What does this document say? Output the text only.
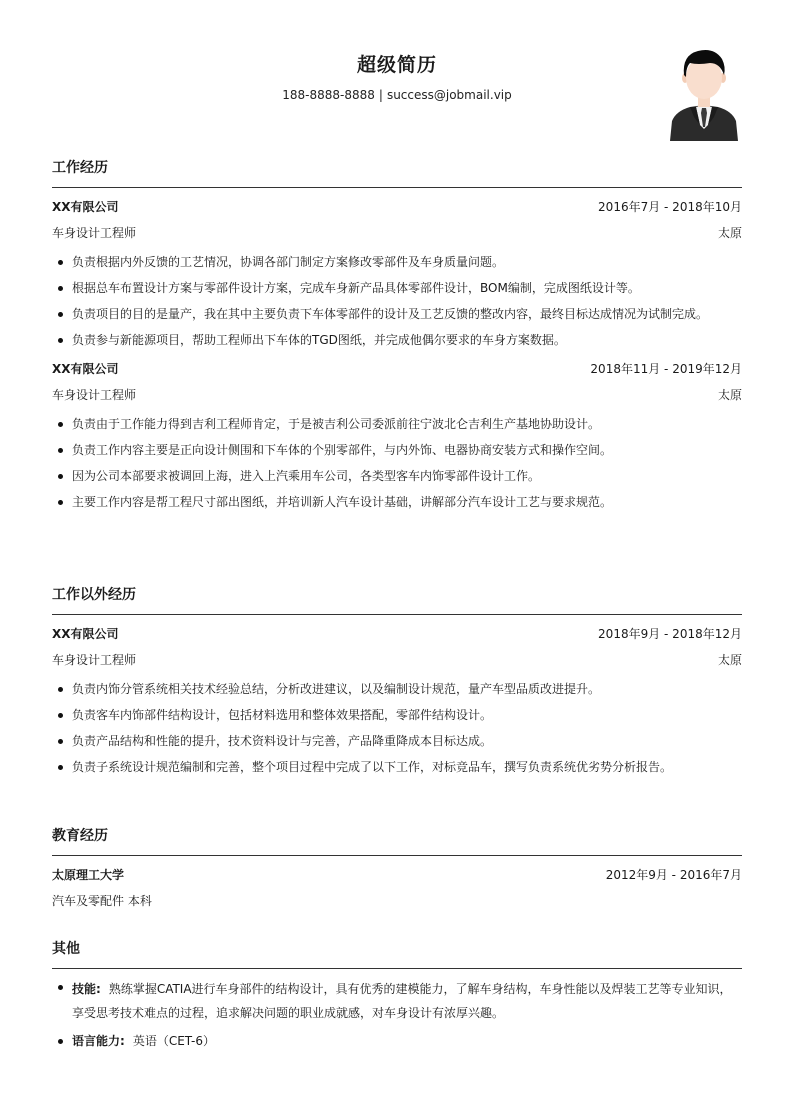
超级简历
188-8888-8888 | success@jobmail.vip
工作经历
XX有限公司	2016年7月 - 2018年10月
车身设计工程师	太原
负责根据内外反馈的工艺情况，协调各部门制定方案修改零部件及车身质量问题。
根据总车布置设计方案与零部件设计方案，完成车身新产品具体零部件设计，BOM编制，完成图纸设计等。
负责项目的目的是量产，我在其中主要负责下车体零部件的设计及工艺反馈的整改内容，最终目标达成情况为试制完成。
负责参与新能源项目，帮助工程师出下车体的TGD图纸，并完成他偶尔要求的车身方案数据。
XX有限公司	2018年11月 - 2019年12月
车身设计工程师	太原
负责由于工作能力得到吉利工程师肯定，于是被吉利公司委派前往宁波北仑吉利生产基地协助设计。
负责工作内容主要是正向设计侧围和下车体的个别零部件，与内外饰、电器协商安装方式和操作空间。
因为公司本部要求被调回上海，进入上汽乘用车公司，各类型客车内饰零部件设计工作。
主要工作内容是帮工程尺寸部出图纸，并培训新人汽车设计基础，讲解部分汽车设计工艺与要求规范。
工作以外经历
XX有限公司	2018年9月 - 2018年12月
车身设计工程师	太原
负责内饰分管系统相关技术经验总结，分析改进建议，以及编制设计规范，量产车型品质改进提升。
负责客车内饰部件结构设计，包括材料选用和整体效果搭配，零部件结构设计。
负责产品结构和性能的提升，技术资料设计与完善，产品降重降成本目标达成。
负责子系统设计规范编制和完善，整个项目过程中完成了以下工作，对标竞品车，撰写负责系统优劣势分析报告。
教育经历
太原理工大学	2012年9月 - 2016年7月
汽车及零配件 本科
其他
技能: 熟练掌握CATIA进行车身部件的结构设计，具有优秀的建模能力，了解车身结构，车身性能以及焊装工艺等专业知识，享受思考技术难点的过程，追求解决问题的职业成就感，对车身设计有浓厚兴趣。
语言能力: 英语（CET-6）
